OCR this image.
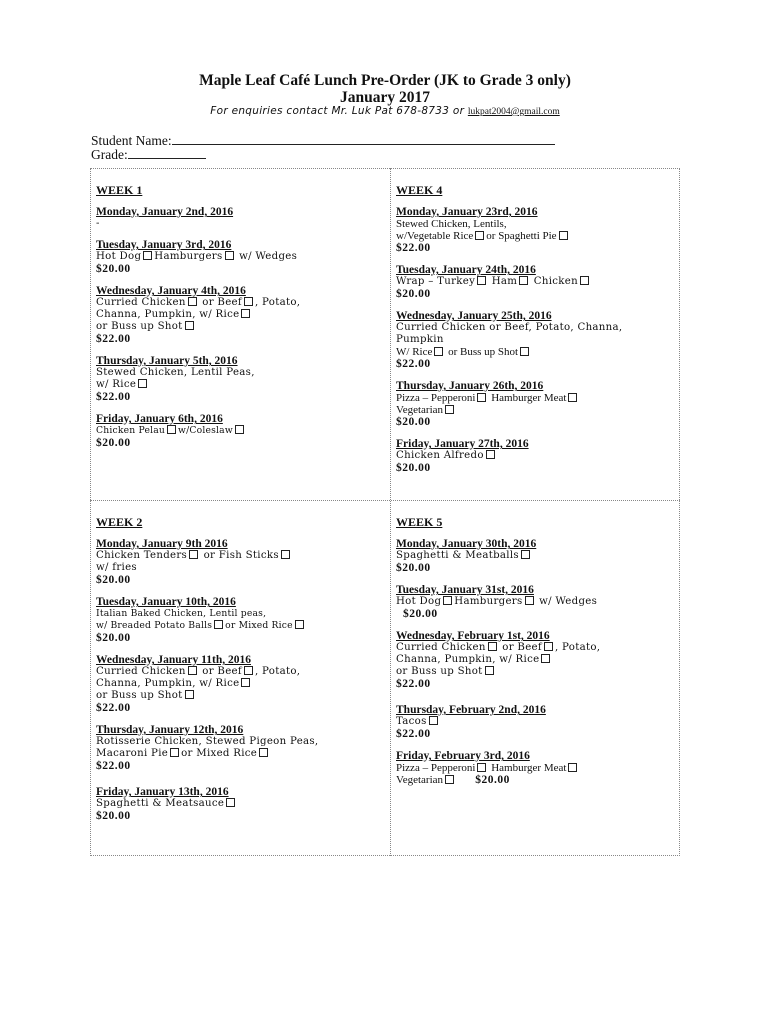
Maple Leaf Café Lunch Pre-Order (JK to Grade 3 only)
January 2017
For enquiries contact Mr. Luk Pat 678-8733 or lukpat2004@gmail.com
Student Name:
Grade:
WEEK 1
Monday, January 2nd, 2016
-
Tuesday, January 3rd, 2016
Hot Dog Hamburgers w/ Wedges
$20.00
Wednesday, January 4th, 2016
Curried Chicken or Beef , Potato,
Channa, Pumpkin, w/ Rice
or Buss up Shot
$22.00
Thursday, January 5th, 2016
Stewed Chicken, Lentil Peas,
w/ Rice
$22.00
Friday, January 6th, 2016
Chicken Pelau w/Coleslaw
$20.00
WEEK 4
Monday, January 23rd, 2016
Stewed Chicken, Lentils,
w/Vegetable Rice or Spaghetti Pie
$22.00
Tuesday, January 24th, 2016
Wrap – Turkey Ham Chicken
$20.00
Wednesday, January 25th, 2016
Curried Chicken or Beef, Potato, Channa,
Pumpkin
W/ Rice or Buss up Shot
$22.00
Thursday, January 26th, 2016
Pizza – Pepperoni Hamburger Meat
Vegetarian
$20.00
Friday, January 27th, 2016
Chicken Alfredo
$20.00
WEEK 2
Monday, January 9th 2016
Chicken Tenders or Fish Sticks
w/ fries
$20.00
Tuesday, January 10th, 2016
Italian Baked Chicken, Lentil peas,
w/ Breaded Potato Balls or Mixed Rice
$20.00
Wednesday, January 11th, 2016
Curried Chicken or Beef , Potato,
Channa, Pumpkin, w/ Rice
or Buss up Shot
$22.00
Thursday, January 12th, 2016
Rotisserie Chicken, Stewed Pigeon Peas,
Macaroni Pie or Mixed Rice
$22.00
Friday, January 13th, 2016
Spaghetti & Meatsauce
$20.00
WEEK 5
Monday, January 30th, 2016
Spaghetti & Meatballs
$20.00
Tuesday, January 31st, 2016
Hot Dog Hamburgers w/ Wedges
$20.00
Wednesday, February 1st, 2016
Curried Chicken or Beef , Potato,
Channa, Pumpkin, w/ Rice
or Buss up Shot
$22.00
Thursday, February 2nd, 2016
Tacos
$22.00
Friday, February 3rd, 2016
Pizza – Pepperoni Hamburger Meat
Vegetarian	$20.00
